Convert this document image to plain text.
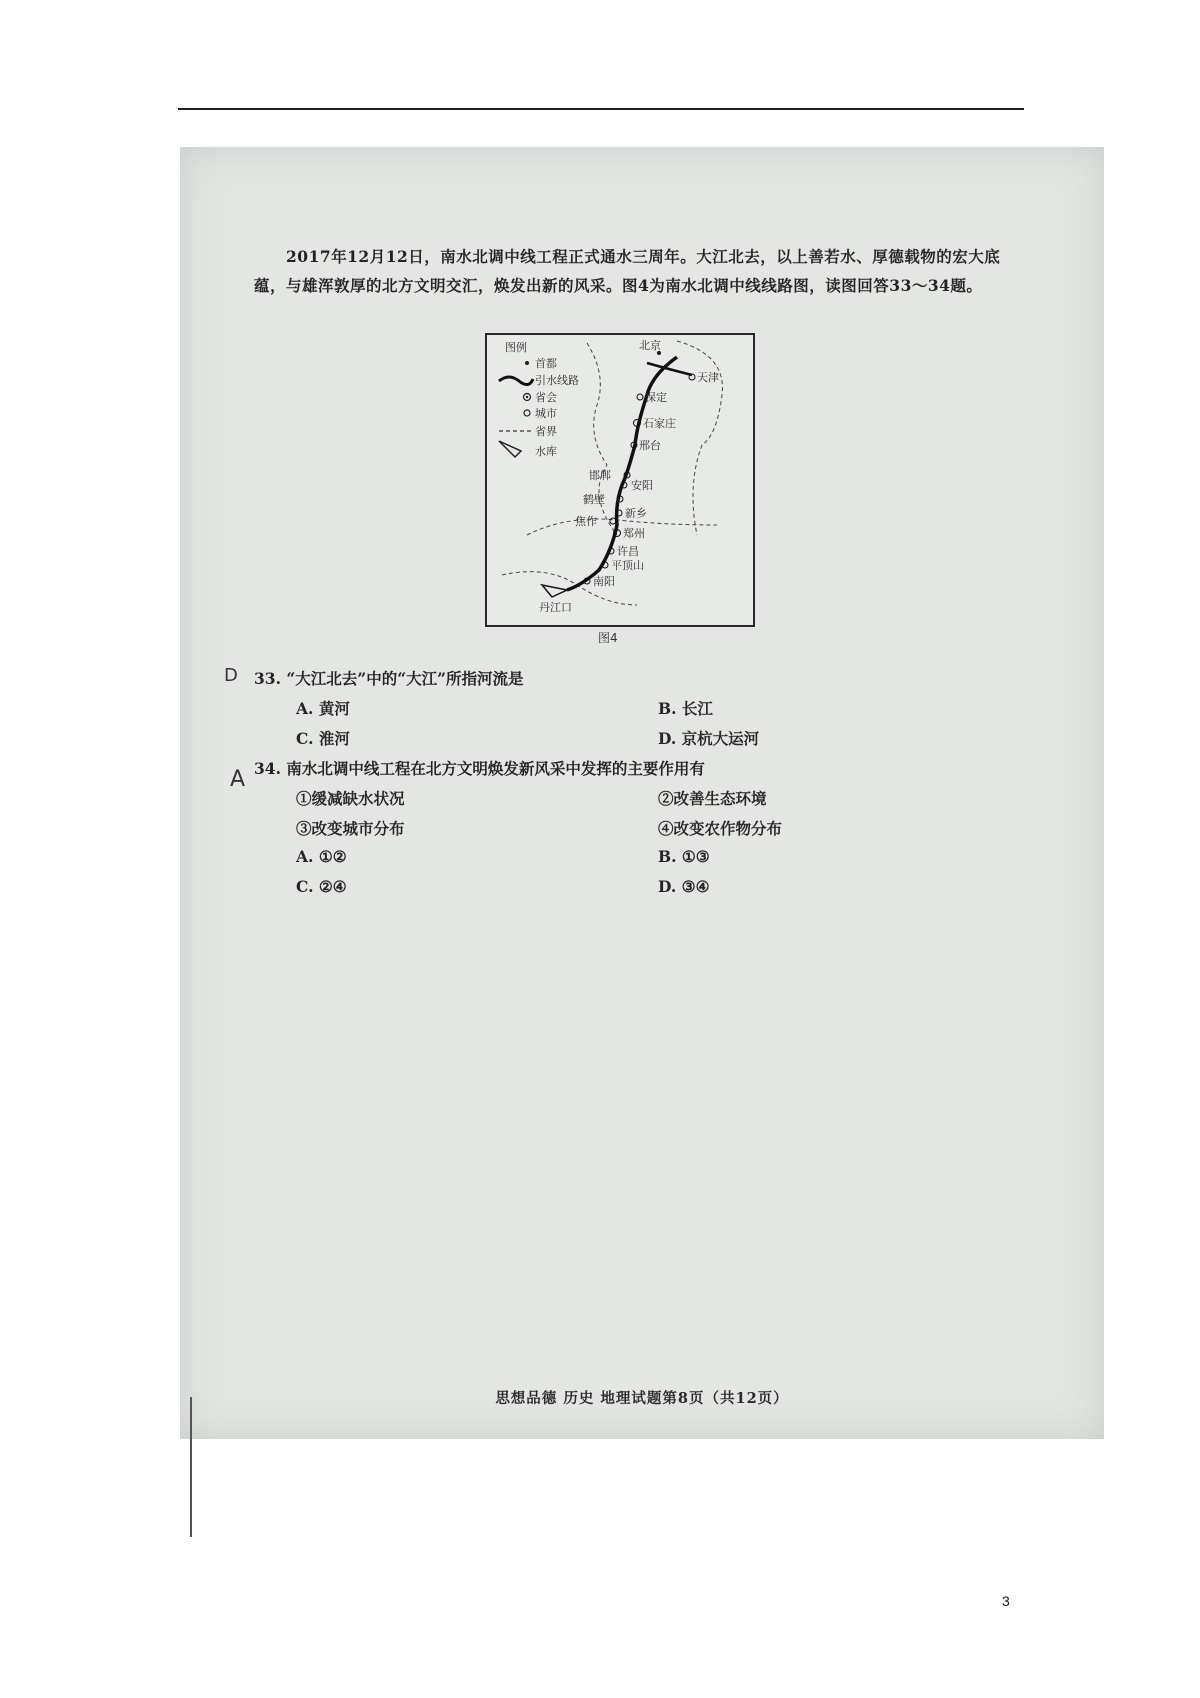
2017年12月12日，南水北调中线工程正式通水三周年。大江北去，以上善若水、厚德载物的宏大底蕴，与雄浑敦厚的北方文明交汇，焕发出新的风采。图4为南水北调中线线路图，读图回答33～34题。
图例
首都
引水线路
省会
城市
省界
水库
北京
天津
保定
石家庄
邢台
邯郸
安阳
鹤壁
新乡
焦作
郑州
许昌
平顶山
南阳
丹江口
图4
D 33. “大江北去”中的“大江”所指河流是
A. 黄河	B. 长江
C. 淮河	D. 京杭大运河
34. 南水北调中线工程在北方文明焕发新风采中发挥的主要作用有
A
①缓减缺水状况	②改善生态环境
③改变城市分布	④改变农作物分布
A. ①②	B. ①③
C. ②④	D. ③④
思想品德 历史 地理试题第8页（共12页）
3
